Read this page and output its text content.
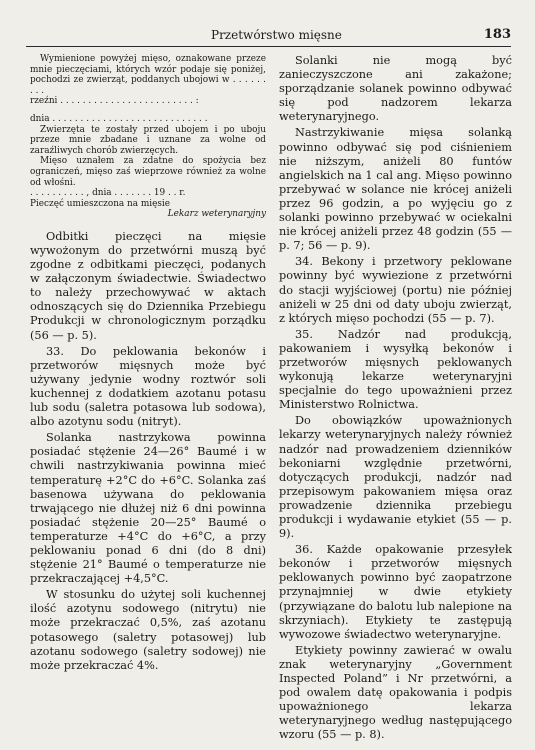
Przetwórstwo mięsne	183

Wymienione powyżej mięso, oznakowane przeze mnie pieczęciami, których wzór podaje się poniżej, pochodzi ze zwierząt, poddanych ubojowi w . . . . . . . . .

rzeźni . . . . . . . . . . . . . . . . . . . . . . . . :
dnia . . . . . . . . . . . . . . . . . . . . . . . . . . . .

Zwierzęta te zostały przed ubojem i po uboju przeze mnie zbadane i uznane za wolne od zaraźliwych chorób zwierzęcych.

Mięso uznałem za zdatne do spożycia bez ograniczeń, mięso zaś wieprzowe również za wolne od włośni.

. . . . . . . . . . , dnia . . . . . . . 19 . . r.
Pieczęć umieszczona na mięsie
Lekarz weterynaryjny

Odbitki pieczęci na mięsie wywożonym do przetwórni muszą być zgodne z odbitkami pieczęci, podanych w załączonym świadectwie. Świadectwo to należy przechowywać w aktach odnoszących się do Dziennika Przebiegu Produkcji w chronologicznym porządku (56 — p. 5).

33. Do peklowania bekonów i przetworów mięsnych może być używany jedynie wodny roztwór soli kuchennej z dodatkiem azotanu potasu lub sodu (saletra potasowa lub sodowa), albo azotynu sodu (nitryt).

Solanka nastrzykowa powinna posiadać stężenie 24—26° Baumé i w chwili nastrzykiwania powinna mieć temperaturę +2°C do +6°C. Solanka zaś basenowa używana do peklowania trwającego nie dłużej niż 6 dni powinna posiadać stężenie 20—25° Baumé o temperaturze +4°C do +6°C, a przy peklowaniu ponad 6 dni (do 8 dni) stężenie 21° Baumé o temperaturze nie przekraczającej +4,5°C.

W stosunku do użytej soli kuchennej ilość azotynu sodowego (nitrytu) nie może przekraczać 0,5%, zaś azotanu potasowego (saletry potasowej) lub azotanu sodowego (saletry sodowej) nie może przekraczać 4%.

Solanki nie mogą być zanieczyszczone ani zakażone; sporządzanie solanek powinno odbywać się pod nadzorem lekarza weterynaryjnego.

Nastrzykiwanie mięsa solanką powinno odbywać się pod ciśnieniem nie niższym, aniżeli 80 funtów angielskich na 1 cal ang. Mięso powinno przebywać w solance nie krócej aniżeli przez 96 godzin, a po wyjęciu go z solanki powinno przebywać w ociekalni nie krócej aniżeli przez 48 godzin (55 — p. 7; 56 — p. 9).

34. Bekony i przetwory peklowane powinny być wywiezione z przetwórni do stacji wyjściowej (portu) nie później aniżeli w 25 dni od daty uboju zwierząt, z których mięso pochodzi (55 — p. 7).

35. Nadzór nad produkcją, pakowaniem i wysyłką bekonów i przetworów mięsnych peklowanych wykonują lekarze weterynaryjni specjalnie do tego upoważnieni przez Ministerstwo Rolnictwa.

Do obowiązków upoważnionych lekarzy weterynaryjnych należy również nadzór nad prowadzeniem dzienników bekoniarni względnie przetwórni, dotyczących produkcji, nadzór nad przepisowym pakowaniem mięsa oraz prowadzenie dziennika przebiegu produkcji i wydawanie etykiet (55 — p. 9).

36. Każde opakowanie przesyłek bekonów i przetworów mięsnych peklowanych powinno być zaopatrzone przynajmniej w dwie etykiety (przywiązane do balotu lub nalepione na skrzyniach). Etykiety te zastępują wywozowe świadectwo weterynaryjne.

Etykiety powinny zawierać w owalu znak weterynaryjny „Government Inspected Poland” i Nr przetwórni, a pod owalem datę opakowania i podpis upoważnionego lekarza weterynaryjnego według następującego wzoru (55 — p. 8).
